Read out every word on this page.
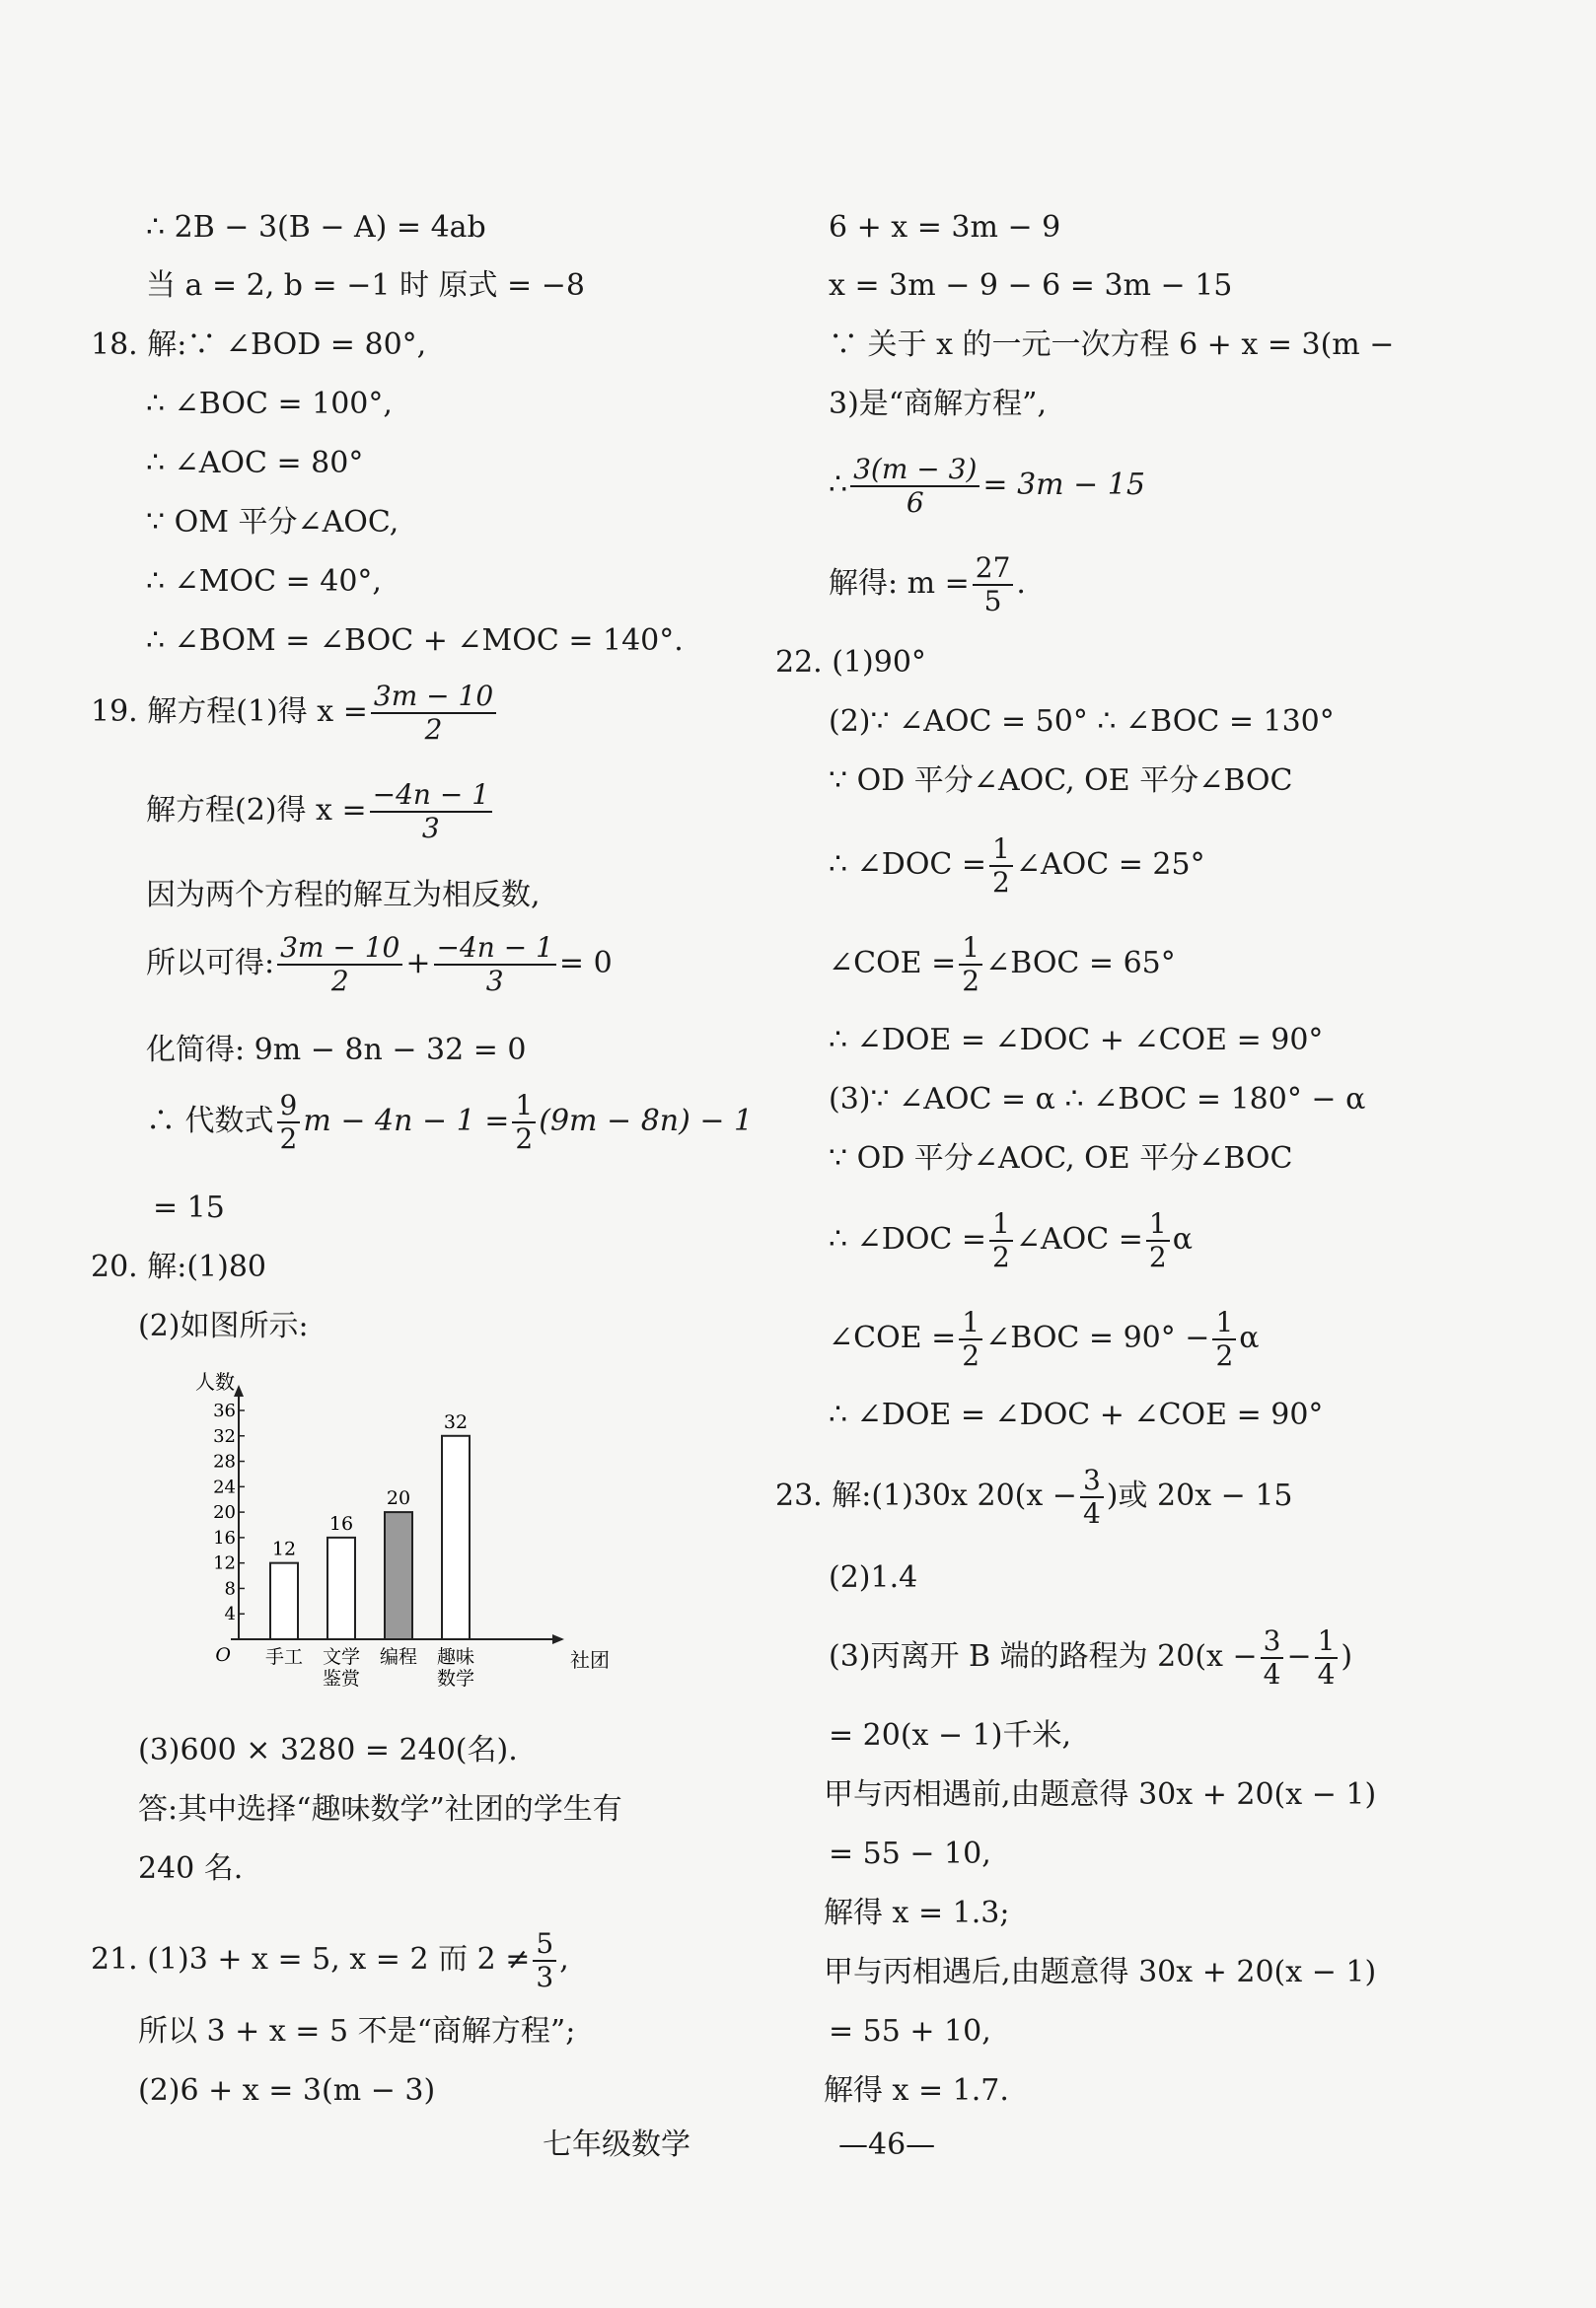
∴ 2B − 3(B − A) = 4ab
当 a = 2, b = −1 时 原式 = −8
18. 解:∵ ∠BOD = 80°,
∴ ∠BOC = 100°,
∴ ∠AOC = 80°
∵ OM 平分∠AOC,
∴ ∠MOC = 40°,
∴ ∠BOM = ∠BOC + ∠MOC = 140°.
19. 解方程(1)得 $x = \frac{3m - 10}{2}$
解方程(2)得 $x = \frac{-4n - 1}{3}$
因为两个方程的解互为相反数,
所以可得: $\frac{3m - 10}{2} + \frac{-4n - 1}{3} = 0$
化简得: 9m − 8n − 32 = 0
∴ 代数式 $\frac{9}{2}$ $m - 4n - 1 = \frac{1}{2} (9m - 8n) - 1$
= 15
20. 解:(1)80
(2)如图所示:
人数
社团
O
4
8
12
16
20
24
28
32
36
12
手工
16
文学
鉴赏
20
编程
32
趣味
数学
(3)600 × 3280 = 240(名).
答:其中选择“趣味数学”社团的学生有
240 名.
21. (1)3 + x = 5, x = 2 而 $2 \ne \frac{5}{3}$ ,
所以 3 + x = 5 不是“商解方程”;
(2)6 + x = 3(m − 3)
6 + x = 3m − 9
x = 3m − 9 − 6 = 3m − 15
∵ 关于 x 的一元一次方程 6 + x = 3(m −
3)是“商解方程”,
∴ $\frac{3(m - 3)}{6} = 3m - 15$
解得: $m = \frac{27}{5}$ .
22. (1)90°
(2)∵ ∠AOC = 50° ∴ ∠BOC = 130°
∵ OD 平分∠AOC, OE 平分∠BOC
∴ ∠DOC = $\frac{1}{2}$ ∠AOC = 25°
∠COE = $\frac{1}{2}$ ∠BOC = 65°
∴ ∠DOE = ∠DOC + ∠COE = 90°
(3)∵ ∠AOC = α ∴ ∠BOC = 180° − α
∵ OD 平分∠AOC, OE 平分∠BOC
∴ ∠DOC = $\frac{1}{2}$ ∠AOC = $\frac{1}{2}$ α
∠COE = $\frac{1}{2}$ ∠BOC = $90^\circ - \frac{1}{2}$ α
∴ ∠DOE = ∠DOC + ∠COE = 90°
23. 解:(1)30x $20(x - \frac{3}{4}$ )或 20x − 15
(2)1.4
(3)丙离开 B 端的路程为 $20(x - \frac{3}{4} - \frac{1}{4}$ )
= 20(x − 1)千米,
甲与丙相遇前,由题意得 30x + 20(x − 1)
= 55 − 10,
解得 x = 1.3;
甲与丙相遇后,由题意得 30x + 20(x − 1)
= 55 + 10,
解得 x = 1.7.
七年级数学	—46—
